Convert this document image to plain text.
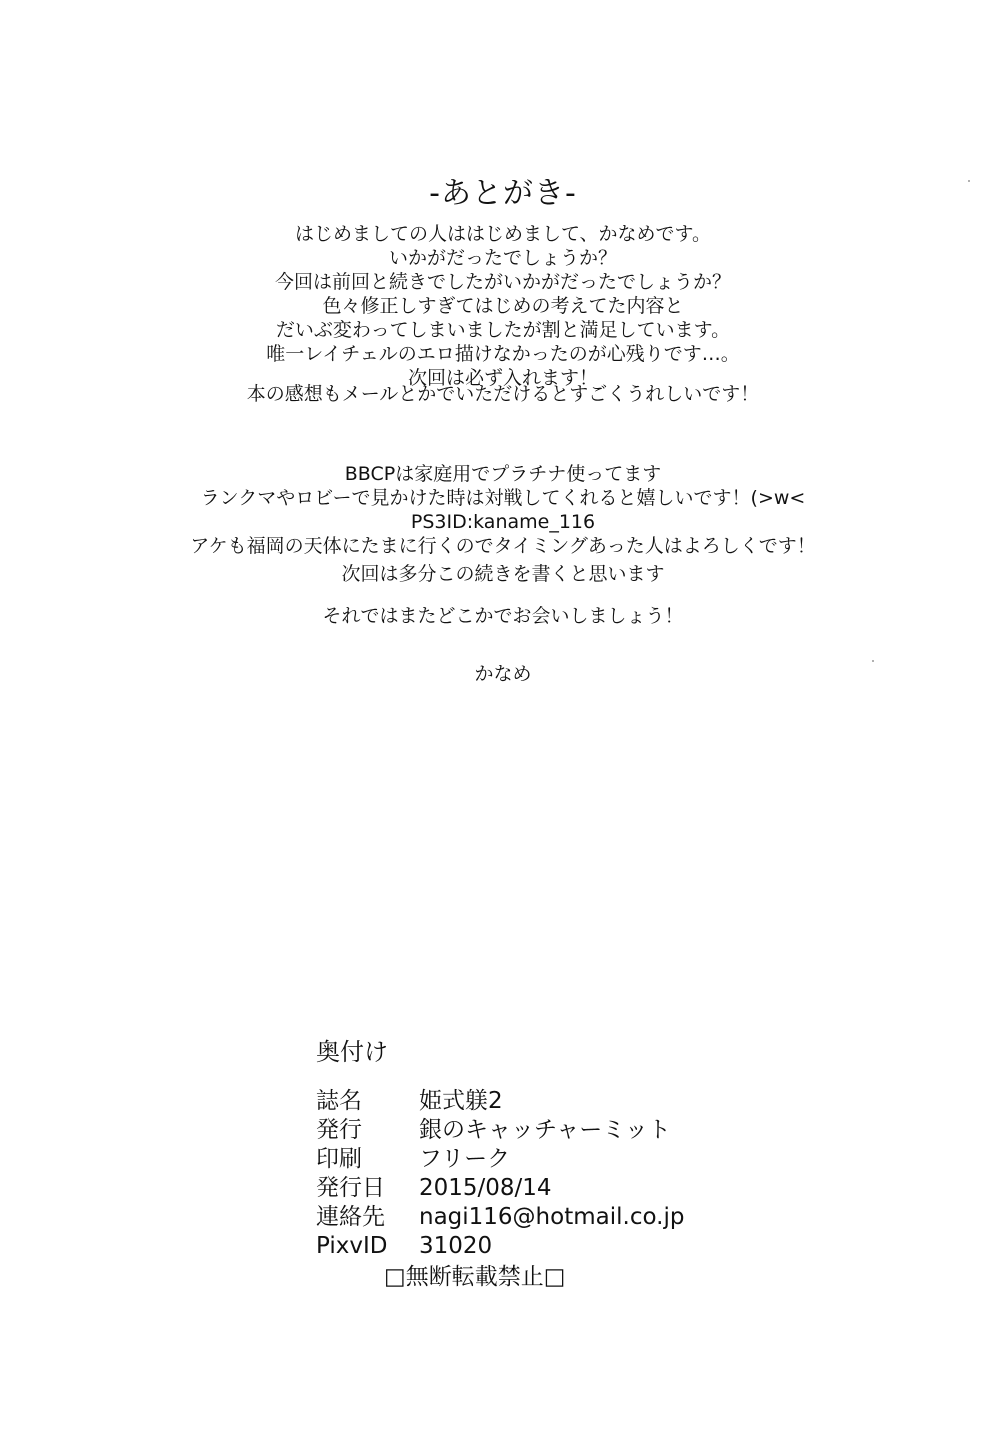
-あとがき-
はじめましての人ははじめまして、かなめです。
いかがだったでしょうか？
今回は前回と続きでしたがいかがだったでしょうか？
色々修正しすぎてはじめの考えてた内容と
だいぶ変わってしまいましたが割と満足しています。
唯一レイチェルのエロ描けなかったのが心残りです…。
次回は必ず入れます！
本の感想もメールとかでいただけるとすごくうれしいです！
BBCPは家庭用でプラチナ使ってます
ランクマやロビーで見かけた時は対戦してくれると嬉しいです！(>w<
PS3ID:kaname_116
アケも福岡の天体にたまに行くのでタイミングあった人はよろしくです！
次回は多分この続きを書くと思います
それではまたどこかでお会いしましょう！
かなめ
奥付け
誌名	姫式躾2
発行	銀のキャッチャーミット
印刷	フリーク
発行日	2015/08/14
連絡先	nagi116@hotmail.co.jp
PixvID	31020
□無断転載禁止□
